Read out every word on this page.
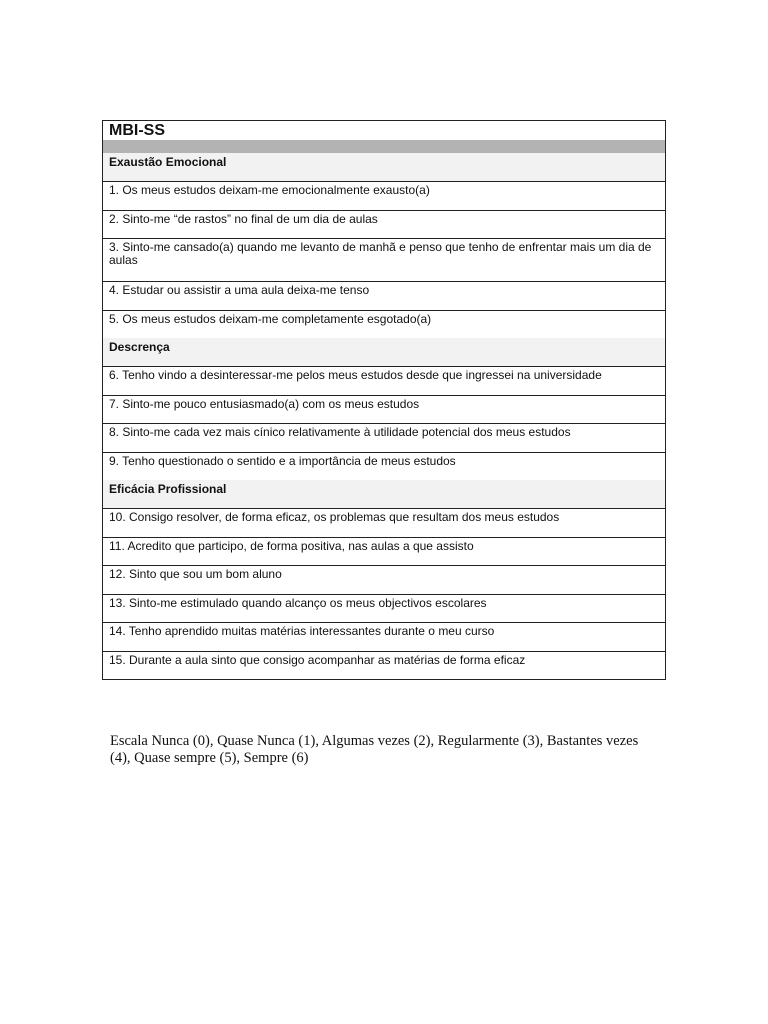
MBI-SS
Exaustão Emocional
1. Os meus estudos deixam-me emocionalmente exausto(a)
2. Sinto-me “de rastos” no final de um dia de aulas
3. Sinto-me cansado(a) quando me levanto de manhã e penso que tenho de enfrentar mais um dia de aulas
4. Estudar ou assistir a uma aula deixa-me tenso
5. Os meus estudos deixam-me completamente esgotado(a)
Descrença
6. Tenho vindo a desinteressar-me pelos meus estudos desde que ingressei na universidade
7. Sinto-me pouco entusiasmado(a) com os meus estudos
8. Sinto-me cada vez mais cínico relativamente à utilidade potencial dos meus estudos
9. Tenho questionado o sentido e a importância de meus estudos
Eficácia Profissional
10. Consigo resolver, de forma eficaz, os problemas que resultam dos meus estudos
11. Acredito que participo, de forma positiva, nas aulas a que assisto
12. Sinto que sou um bom aluno
13. Sinto-me estimulado quando alcanço os meus objectivos escolares
14. Tenho aprendido muitas matérias interessantes durante o meu curso
15. Durante a aula sinto que consigo acompanhar as matérias de forma eficaz
Escala Nunca (0), Quase Nunca (1), Algumas vezes (2), Regularmente (3), Bastantes vezes (4), Quase sempre (5), Sempre (6)
